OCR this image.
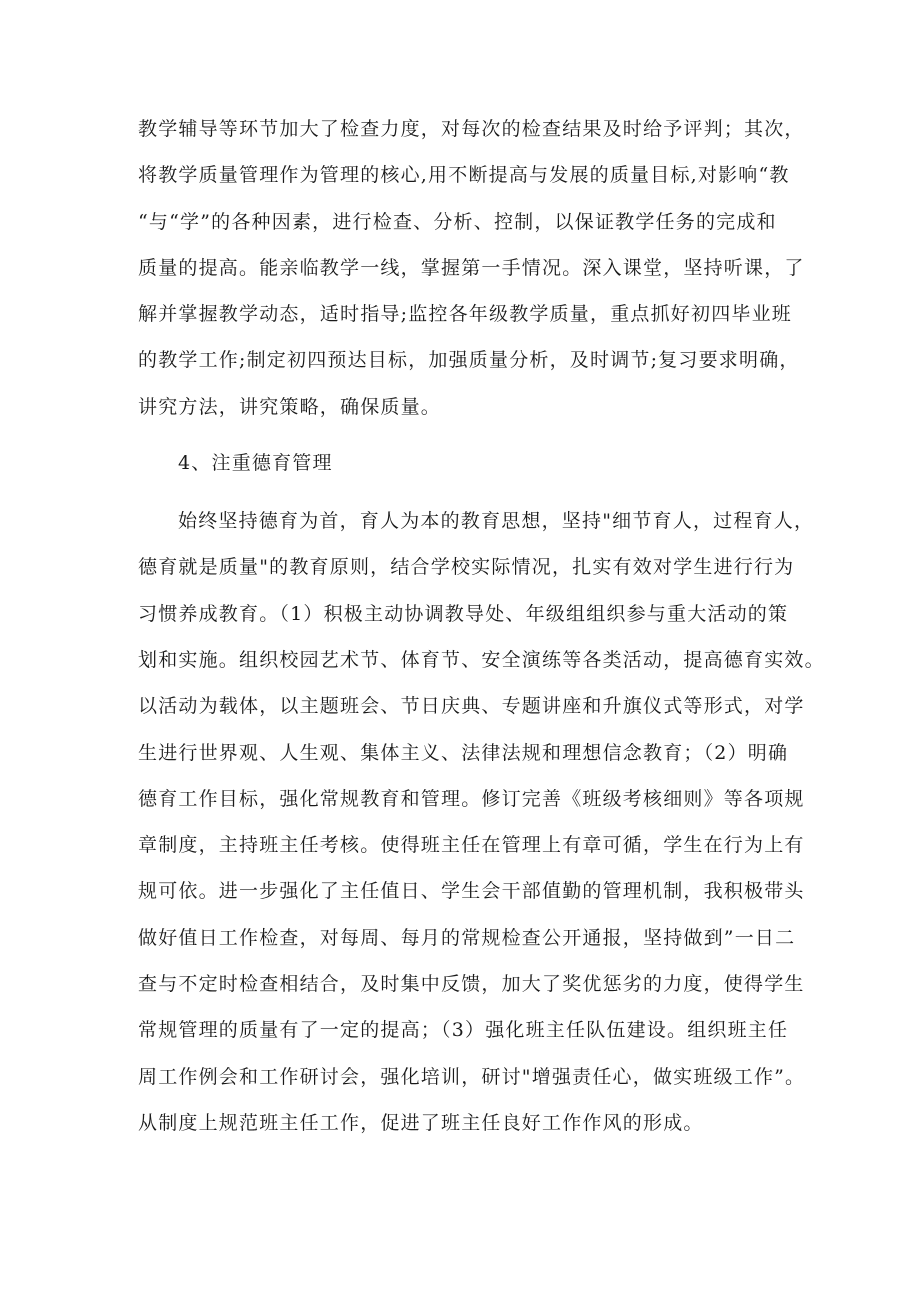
教学辅导等环节加大了检查力度，对每次的检查结果及时给予评判；其次，
将教学质量管理作为管理的核心,用不断提高与发展的质量目标,对影响“教
“与“学”的各种因素，进行检查、分析、控制，以保证教学任务的完成和
质量的提高。能亲临教学一线，掌握第一手情况。深入课堂，坚持听课，了
解并掌握教学动态，适时指导;监控各年级教学质量，重点抓好初四毕业班
的教学工作;制定初四预达目标，加强质量分析，及时调节;复习要求明确，
讲究方法，讲究策略，确保质量。
4、注重德育管理
始终坚持德育为首，育人为本的教育思想，坚持"细节育人，过程育人，
德育就是质量"的教育原则，结合学校实际情况，扎实有效对学生进行行为
习惯养成教育。（1）积极主动协调教导处、年级组组织参与重大活动的策
划和实施。组织校园艺术节、体育节、安全演练等各类活动，提高德育实效。
以活动为载体，以主题班会、节日庆典、专题讲座和升旗仪式等形式，对学
生进行世界观、人生观、集体主义、法律法规和理想信念教育；（2）明确
德育工作目标，强化常规教育和管理。修订完善《班级考核细则》等各项规
章制度，主持班主任考核。使得班主任在管理上有章可循，学生在行为上有
规可依。进一步强化了主任值日、学生会干部值勤的管理机制，我积极带头
做好值日工作检查，对每周、每月的常规检查公开通报，坚持做到”一日二
查与不定时检查相结合，及时集中反馈，加大了奖优惩劣的力度，使得学生
常规管理的质量有了一定的提高；（3）强化班主任队伍建设。组织班主任
周工作例会和工作研讨会，强化培训，研讨"增强责任心，做实班级工作”。
从制度上规范班主任工作，促进了班主任良好工作作风的形成。
